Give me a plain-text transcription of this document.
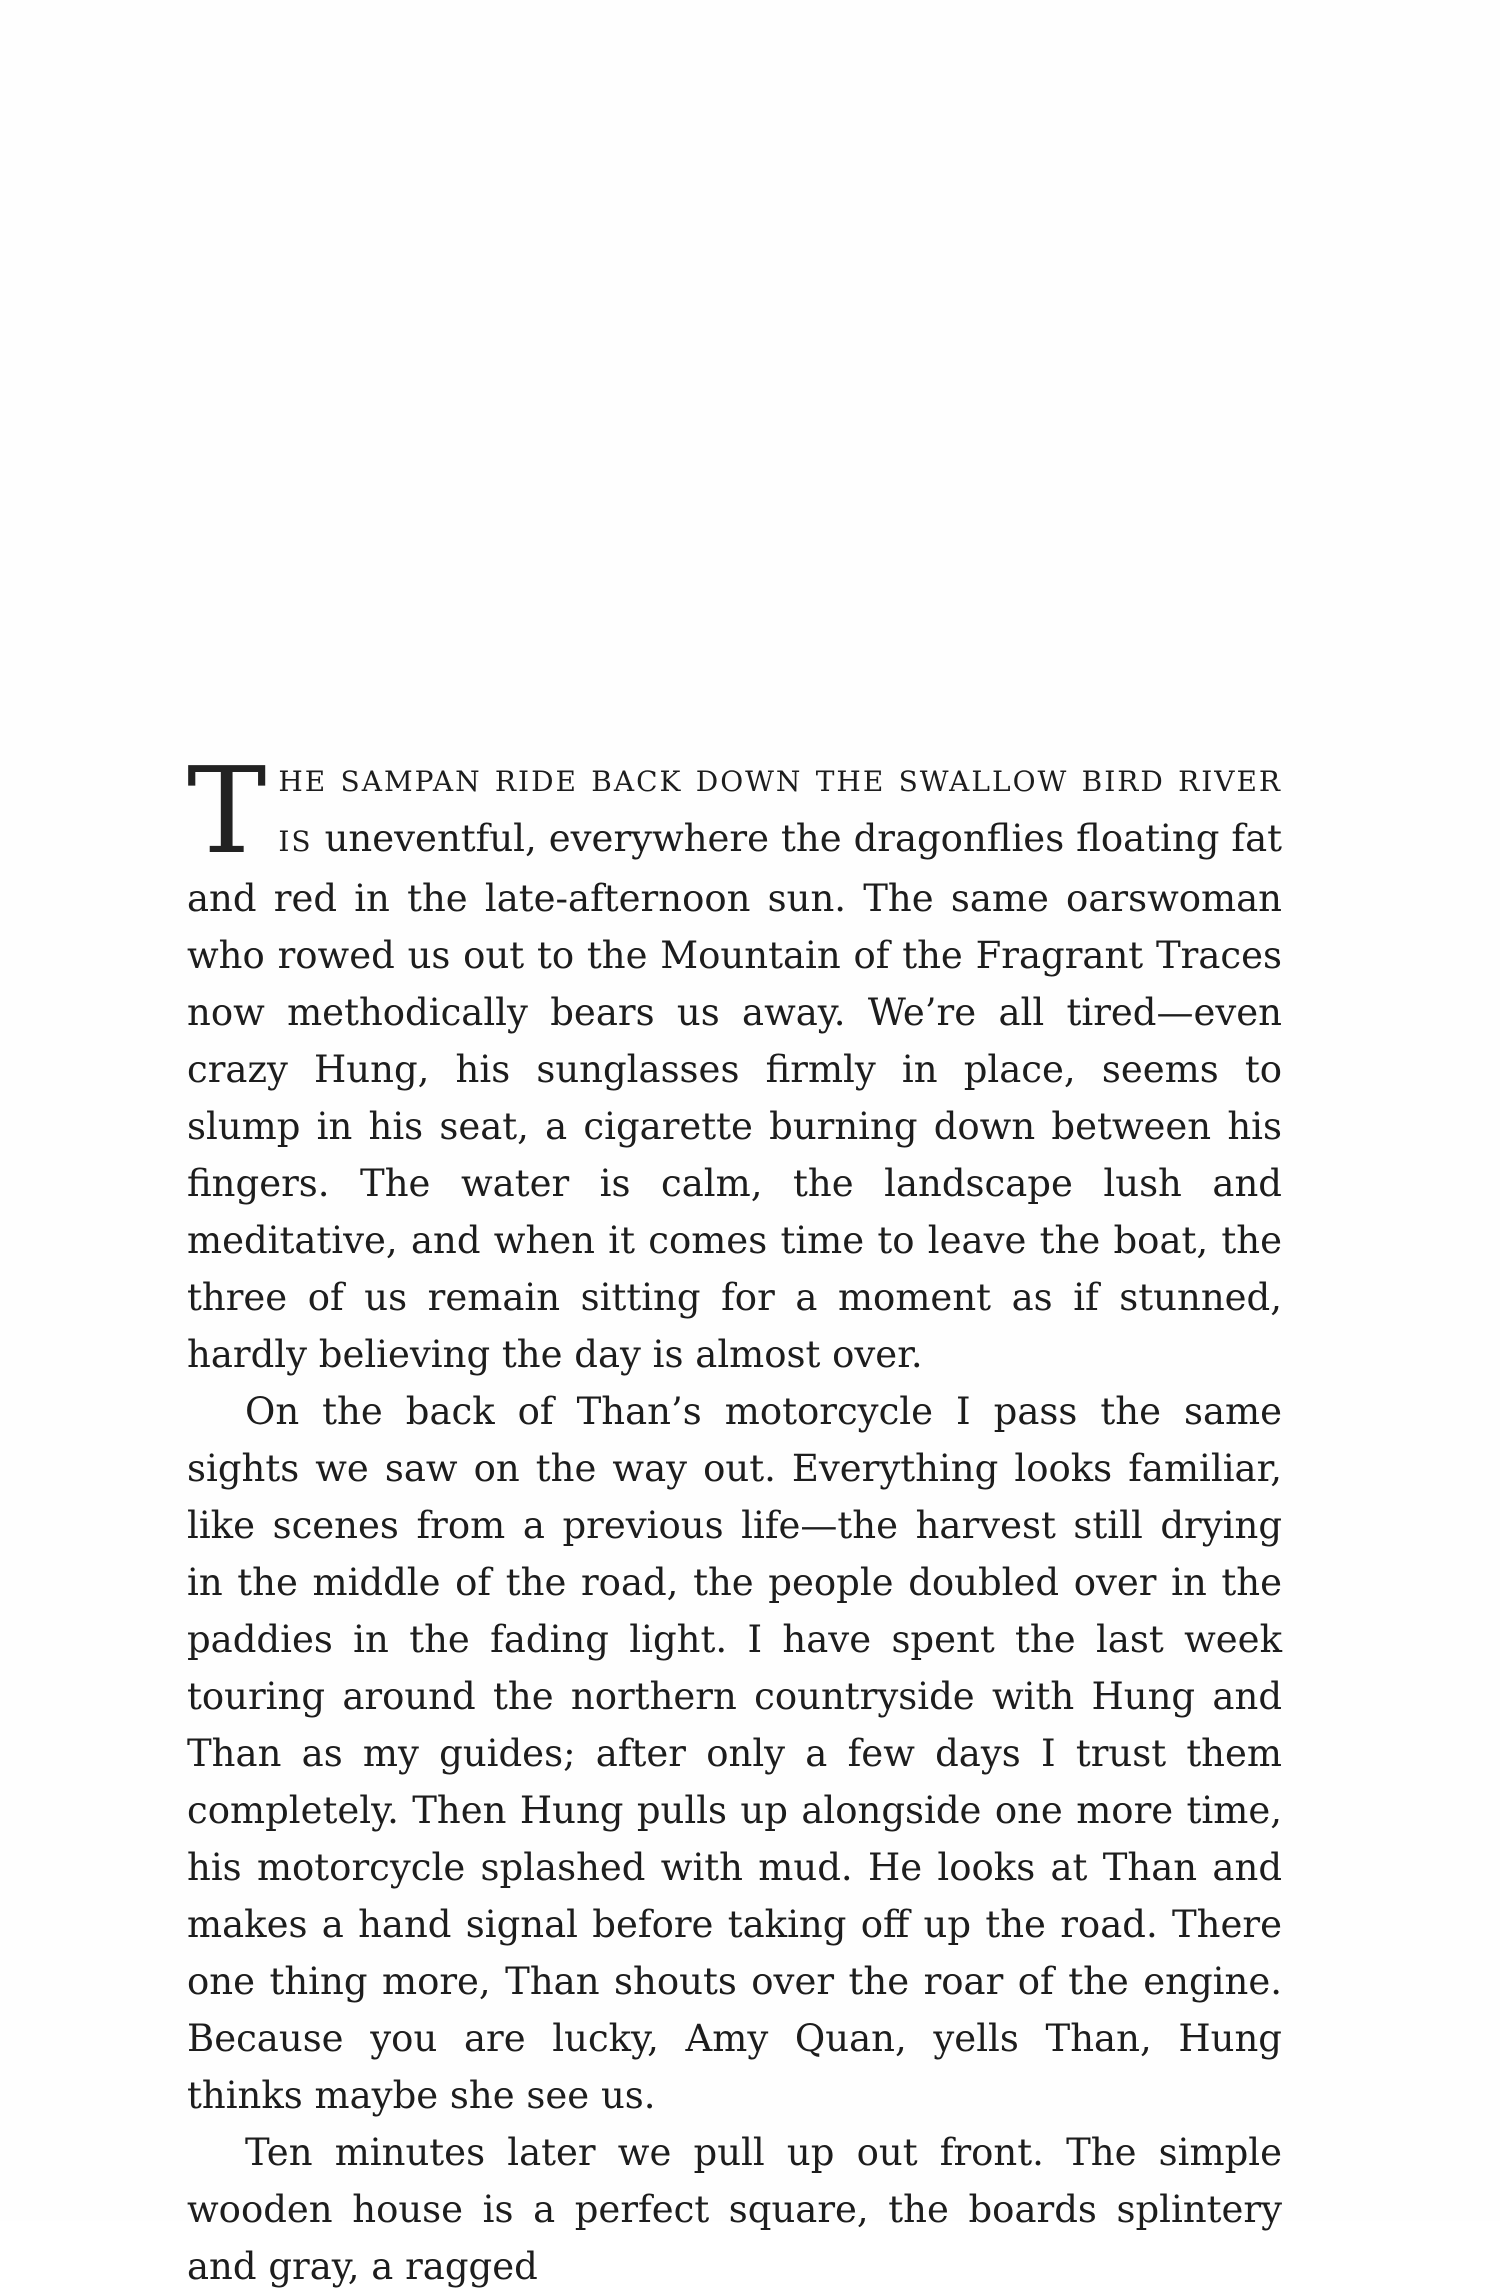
THE SAMPAN RIDE BACK DOWN THE SWALLOW BIRD RIVER IS uneventful, everywhere the dragonflies floating fat and red in the late-afternoon sun. The same oarswoman who rowed us out to the Mountain of the Fragrant Traces now methodically bears us away. We’re all tired—even crazy Hung, his sunglasses firmly in place, seems to slump in his seat, a cigarette burning down between his fingers. The water is calm, the landscape lush and meditative, and when it comes time to leave the boat, the three of us remain sitting for a moment as if stunned, hardly believing the day is almost over.

On the back of Than’s motorcycle I pass the same sights we saw on the way out. Everything looks familiar, like scenes from a previous life—the harvest still drying in the middle of the road, the people doubled over in the paddies in the fading light. I have spent the last week touring around the northern countryside with Hung and Than as my guides; after only a few days I trust them completely. Then Hung pulls up alongside one more time, his motorcycle splashed with mud. He looks at Than and makes a hand signal before taking off up the road. There one thing more, Than shouts over the roar of the engine. Because you are lucky, Amy Quan, yells Than, Hung thinks maybe she see us.

Ten minutes later we pull up out front. The simple wooden house is a perfect square, the boards splintery and gray, a ragged
